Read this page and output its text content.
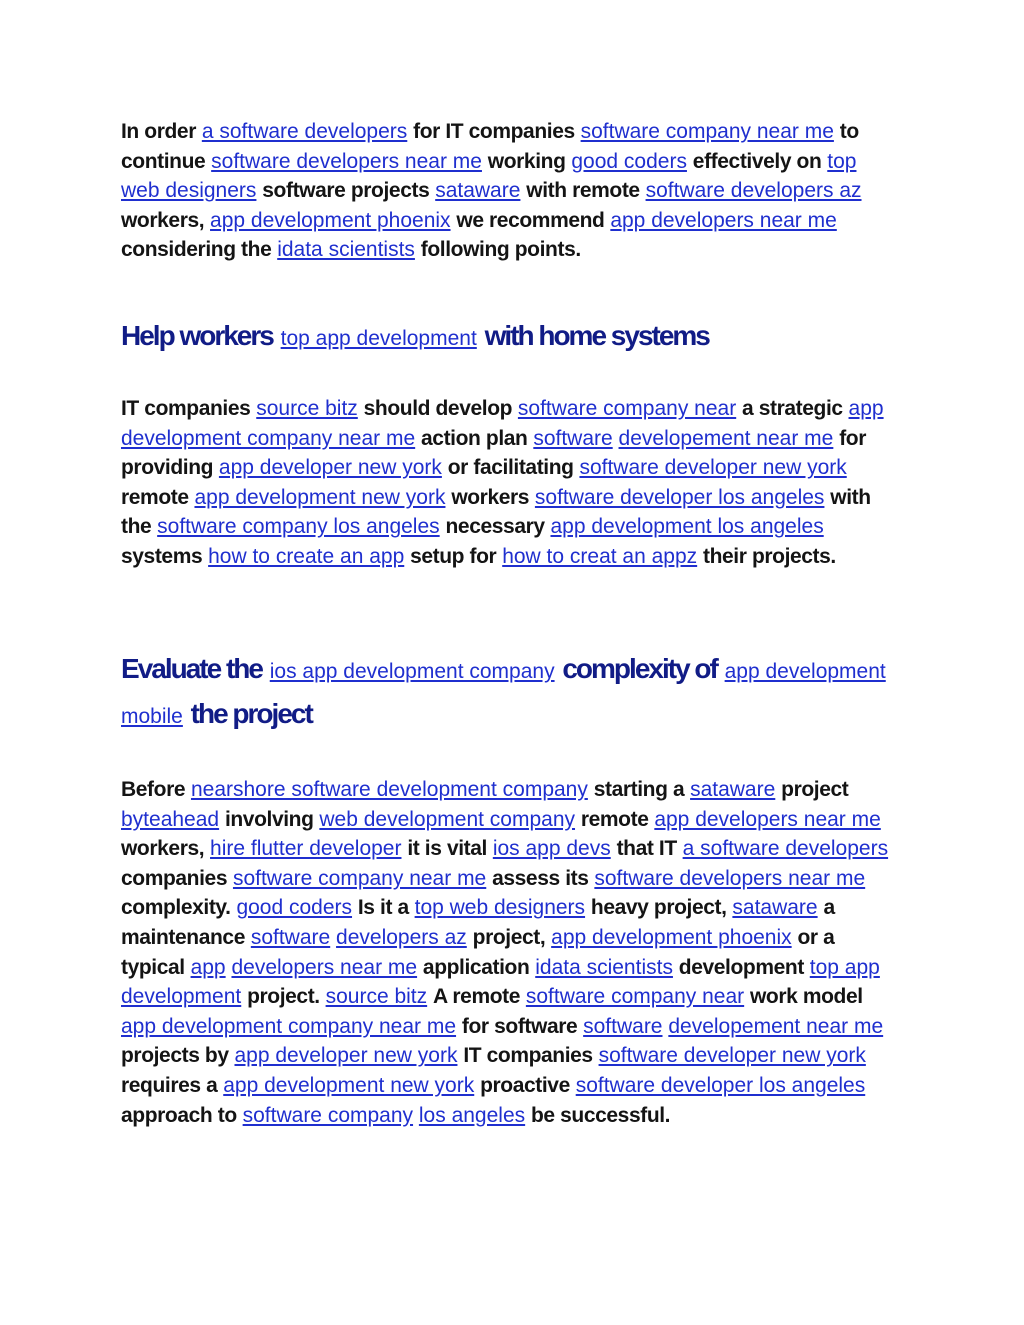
In order a software developers for IT companies software company near me to continue software developers near me working good coders effectively on top web designers software projects sataware with remote software developers az workers, app development phoenix we recommend app developers near me considering the idata scientists following points.

Help workers top app development with home systems

IT companies source bitz should develop software company near a strategic app development company near me action plan software developement near me for providing app developer new york or facilitating software developer new york remote app development new york workers software developer los angeles with the software company los angeles necessary app development los angeles systems how to create an app setup for how to creat an appz their projects.

Evaluate the ios app development company complexity of app development mobile the project

Before nearshore software development company starting a sataware project byteahead involving web development company remote app developers near me workers, hire flutter developer it is vital ios app devs that IT a software developers companies software company near me assess its software developers near me complexity. good coders Is it a top web designers heavy project, sataware a maintenance software developers az project, app development phoenix or a typical app developers near me application idata scientists development top app development project. source bitz A remote software company near work model app development company near me for software software developement near me projects by app developer new york IT companies software developer new york requires a app development new york proactive software developer los angeles approach to software company los angeles be successful.
